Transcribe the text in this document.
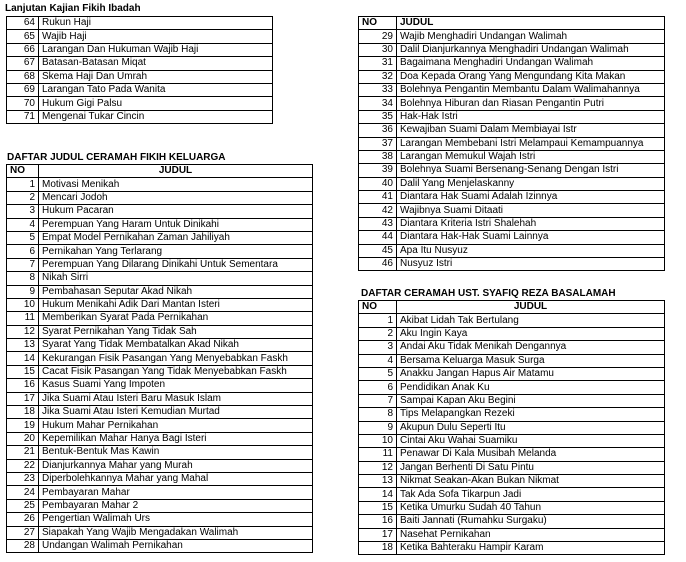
Lanjutan Kajian Fikih Ibadah
64	Rukun Haji
65	Wajib Haji
66	Larangan Dan Hukuman Wajib Haji
67	Batasan-Batasan Miqat
68	Skema Haji Dan Umrah
69	Larangan Tato Pada Wanita
70	Hukum Gigi Palsu
71	Mengenai Tukar Cincin
DAFTAR JUDUL CERAMAH FIKIH KELUARGA
NO	JUDUL
1	Motivasi Menikah
2	Mencari Jodoh
3	Hukum Pacaran
4	Perempuan Yang Haram Untuk Dinikahi
5	Empat Model Pernikahan Zaman Jahiliyah
6	Pernikahan Yang Terlarang
7	Perempuan Yang Dilarang Dinikahi Untuk Sementara
8	Nikah Sirri
9	Pembahasan Seputar Akad Nikah
10	Hukum Menikahi Adik Dari Mantan Isteri
11	Memberikan Syarat Pada Pernikahan
12	Syarat Pernikahan Yang Tidak Sah
13	Syarat Yang Tidak Membatalkan Akad Nikah
14	Kekurangan Fisik Pasangan Yang Menyebabkan Faskh
15	Cacat Fisik Pasangan Yang Tidak Menyebabkan Faskh
16	Kasus Suami Yang Impoten
17	Jika Suami Atau Isteri Baru Masuk Islam
18	Jika Suami Atau Isteri Kemudian Murtad
19	Hukum Mahar Pernikahan
20	Kepemilikan Mahar Hanya Bagi Isteri
21	Bentuk-Bentuk Mas Kawin
22	Dianjurkannya Mahar yang Murah
23	Diperbolehkannya Mahar yang Mahal
24	Pembayaran Mahar
25	Pembayaran Mahar 2
26	Pengertian Walimah Urs
27	Siapakah Yang Wajib Mengadakan Walimah
28	Undangan Walimah Pernikahan
NO	JUDUL
29	Wajib Menghadiri Undangan Walimah
30	Dalil Dianjurkannya Menghadiri Undangan Walimah
31	Bagaimana Menghadiri Undangan Walimah
32	Doa Kepada Orang Yang Mengundang Kita Makan
33	Bolehnya Pengantin Membantu Dalam Walimahannya
34	Bolehnya Hiburan dan Riasan Pengantin Putri
35	Hak-Hak Istri
36	Kewajiban Suami Dalam Membiayai Istr
37	Larangan Membebani Istri Melampaui Kemampuannya
38	Larangan Memukul Wajah Istri
39	Bolehnya Suami Bersenang-Senang Dengan Istri
40	Dalil Yang Menjelaskanny
41	Diantara Hak Suami Adalah Izinnya
42	Wajibnya Suami Ditaati
43	Diantara Kriteria Istri Shalehah
44	Diantara Hak-Hak Suami Lainnya
45	Apa Itu Nusyuz
46	Nusyuz Istri
DAFTAR CERAMAH UST. SYAFIQ REZA BASALAMAH
NO	JUDUL
1	Akibat Lidah Tak Bertulang
2	Aku Ingin Kaya
3	Andai Aku Tidak Menikah Dengannya
4	Bersama Keluarga Masuk Surga
5	Anakku Jangan Hapus Air Matamu
6	Pendidikan Anak Ku
7	Sampai Kapan Aku Begini
8	Tips Melapangkan Rezeki
9	Akupun Dulu Seperti Itu
10	Cintai Aku Wahai Suamiku
11	Penawar Di Kala Musibah Melanda
12	Jangan Berhenti Di Satu Pintu
13	Nikmat Seakan-Akan Bukan Nikmat
14	Tak Ada Sofa Tikarpun Jadi
15	Ketika Umurku Sudah 40 Tahun
16	Baiti Jannati (Rumahku Surgaku)
17	Nasehat Pernikahan
18	Ketika Bahteraku Hampir Karam
